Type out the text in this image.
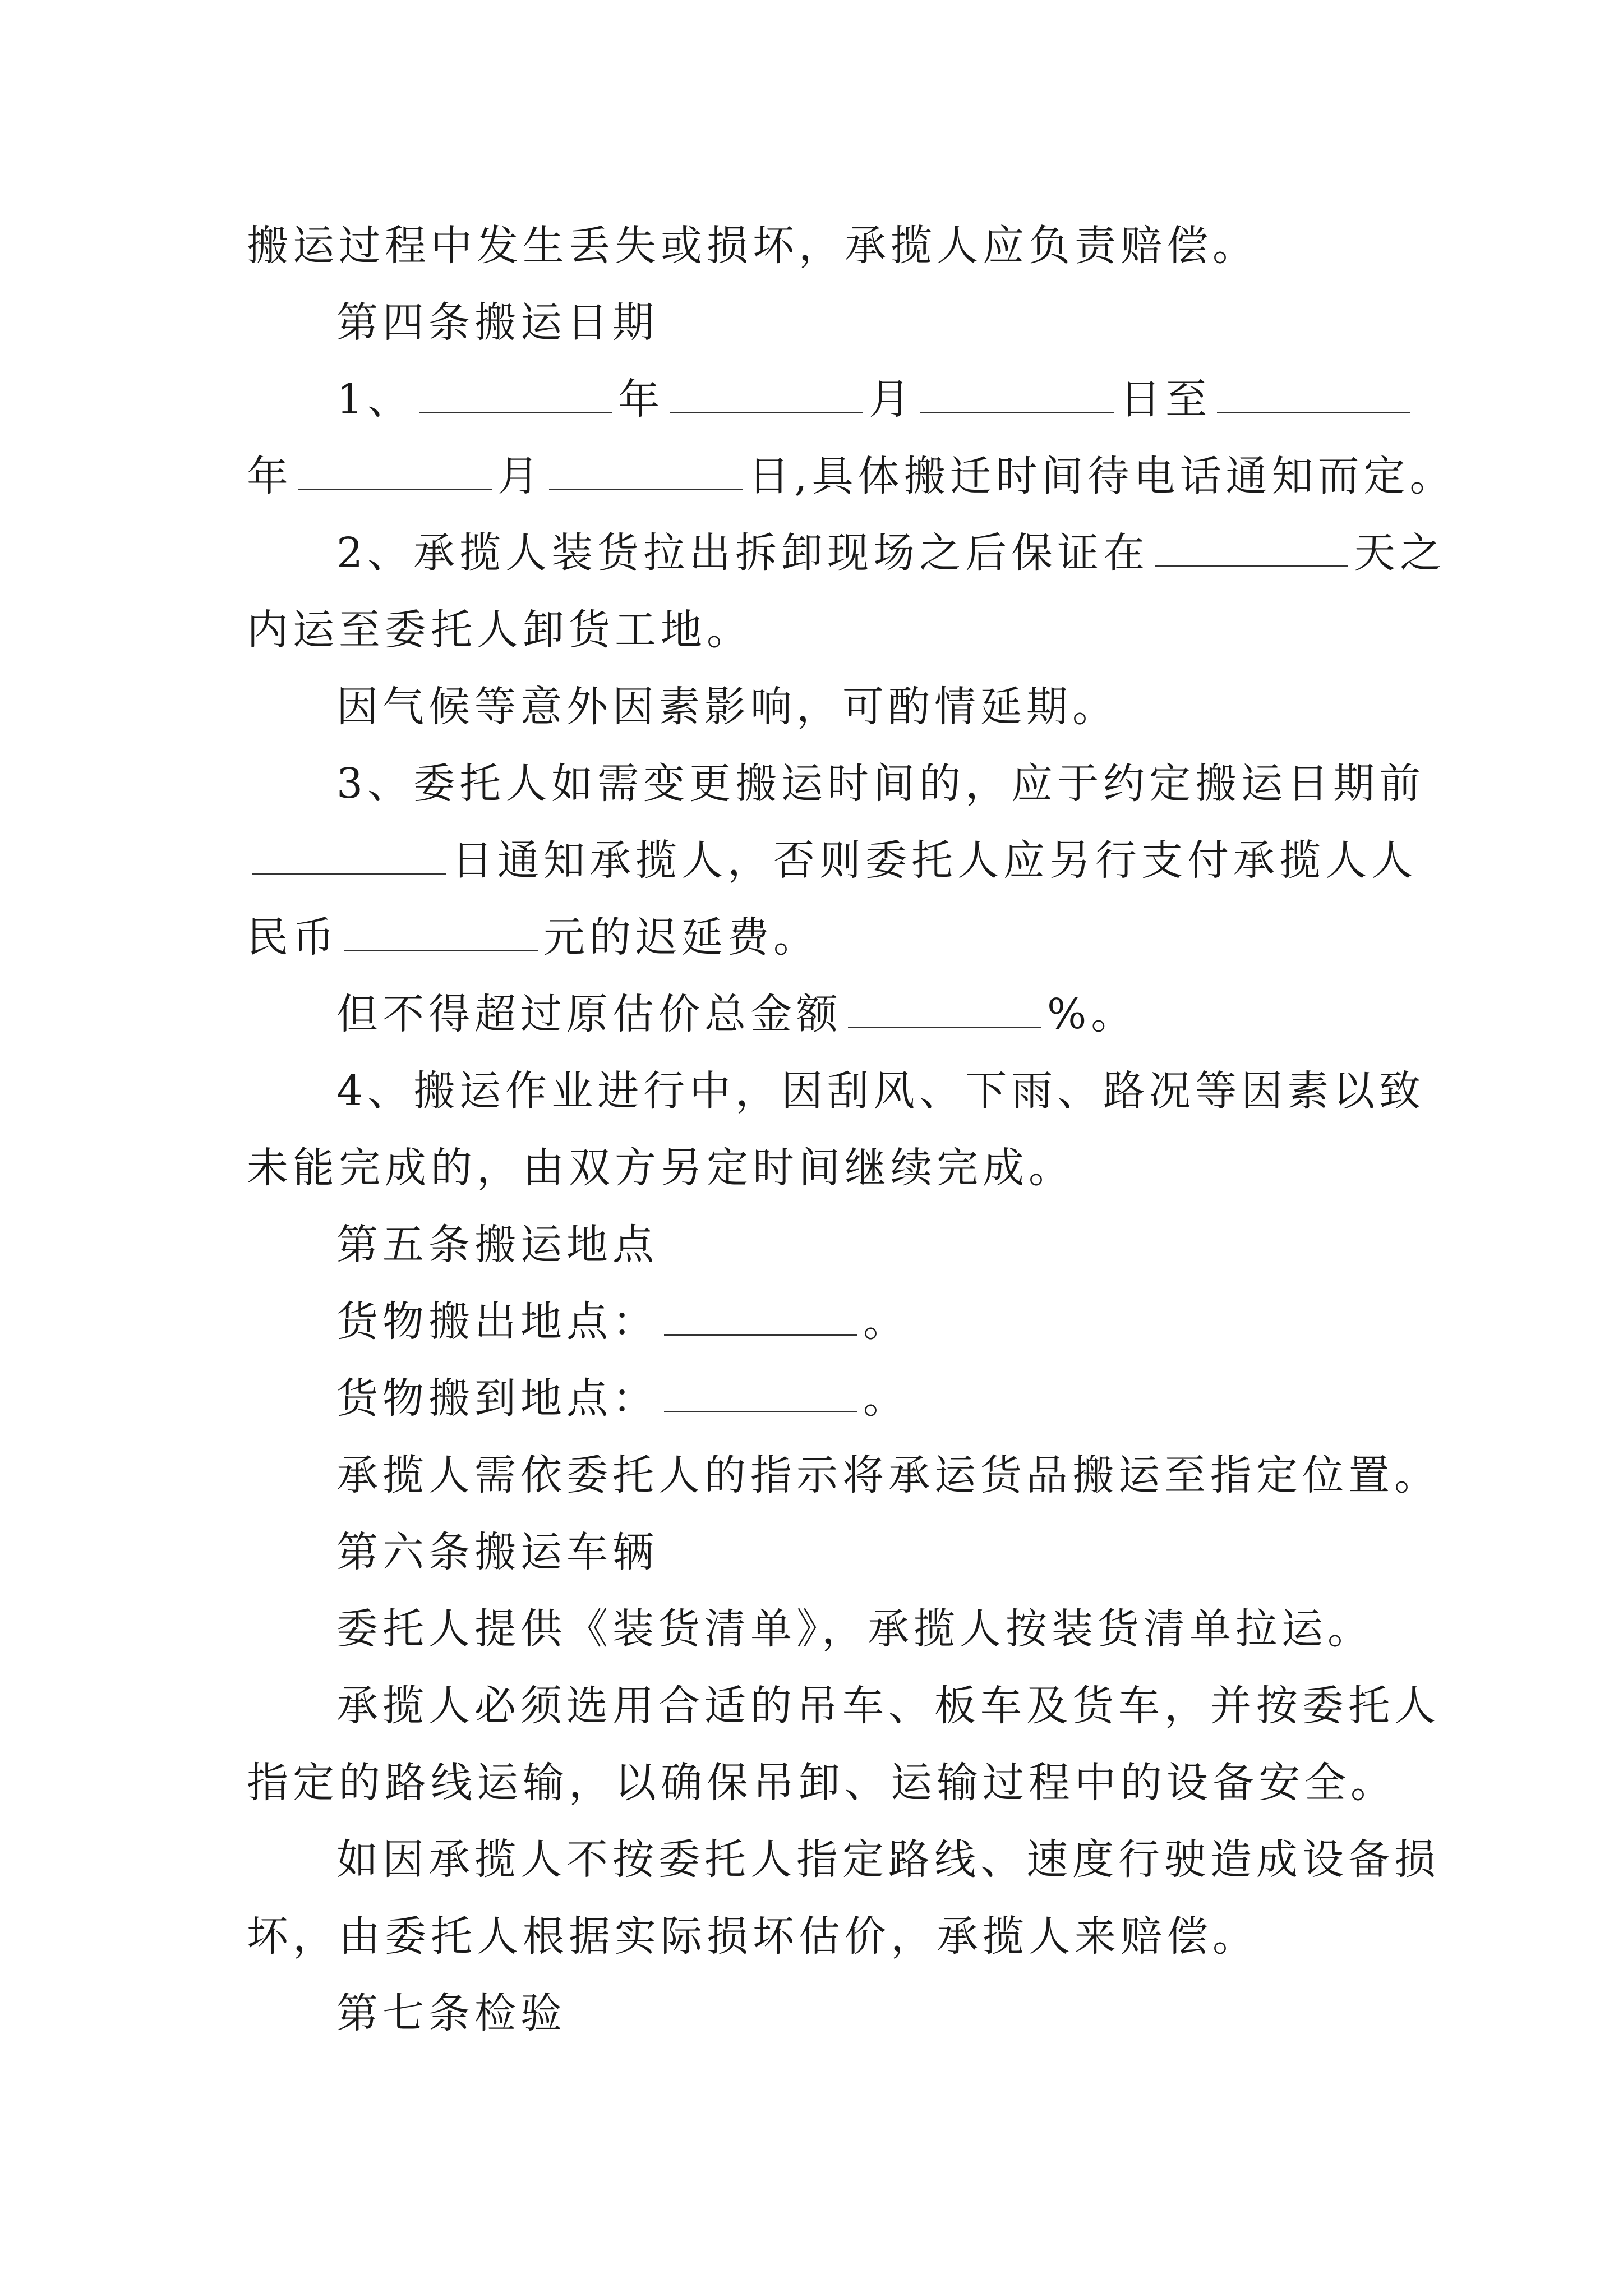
搬运过程中发生丢失或损坏，承揽人应负责赔偿。
第四条搬运日期
1、	年	月	日至
年	月	日,具体搬迁时间待电话通知而定。
2、承揽人装货拉出拆卸现场之后保证在	天之
内运至委托人卸货工地。
因气候等意外因素影响，可酌情延期。
3、委托人如需变更搬运时间的，应于约定搬运日期前
日通知承揽人，否则委托人应另行支付承揽人人
民币	元的迟延费。
但不得超过原估价总金额	%。
4、搬运作业进行中，因刮风、下雨、路况等因素以致
未能完成的，由双方另定时间继续完成。
第五条搬运地点
货物搬出地点：	。
货物搬到地点：	。
承揽人需依委托人的指示将承运货品搬运至指定位置。
第六条搬运车辆
委托人提供《装货清单》，承揽人按装货清单拉运。
承揽人必须选用合适的吊车、板车及货车，并按委托人
指定的路线运输，以确保吊卸、运输过程中的设备安全。
如因承揽人不按委托人指定路线、速度行驶造成设备损
坏，由委托人根据实际损坏估价，承揽人来赔偿。
第七条检验
